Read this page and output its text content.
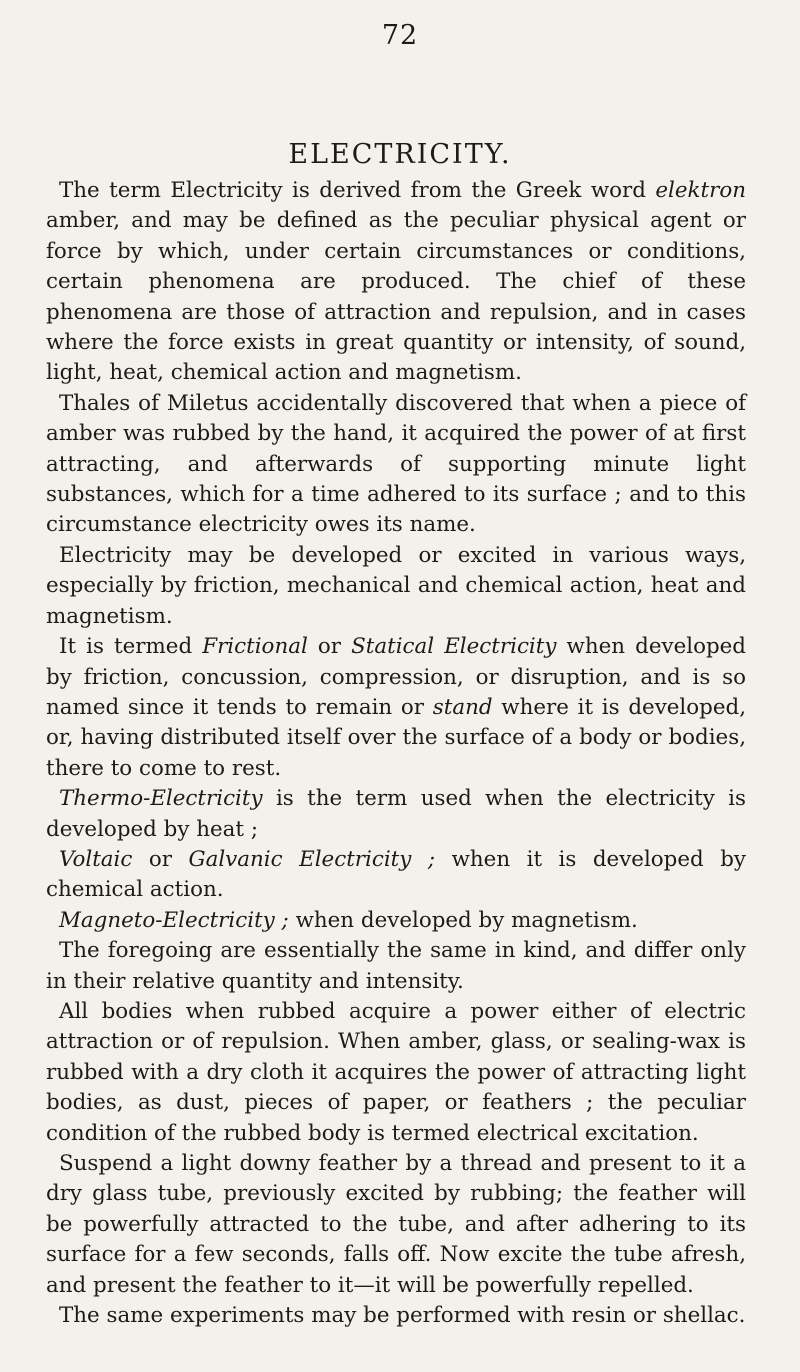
72
ELECTRICITY.

The term Electricity is derived from the Greek word elektron amber, and may be defined as the peculiar physical agent or force by which, under certain circumstances or conditions, certain phenomena are produced. The chief of these phenomena are those of attraction and repulsion, and in cases where the force exists in great quantity or intensity, of sound, light, heat, chemical action and magnetism.

Thales of Miletus accidentally discovered that when a piece of amber was rubbed by the hand, it acquired the power of at first attracting, and afterwards of supporting minute light substances, which for a time adhered to its surface ; and to this circumstance electricity owes its name.

Electricity may be developed or excited in various ways, especially by friction, mechanical and chemical action, heat and magnetism.

It is termed Frictional or Statical Electricity when developed by friction, concussion, compression, or disruption, and is so named since it tends to remain or stand where it is developed, or, having distributed itself over the surface of a body or bodies, there to come to rest.

Thermo-Electricity is the term used when the electricity is developed by heat ;

Voltaic or Galvanic Electricity ; when it is developed by chemical action.

Magneto-Electricity ; when developed by magnetism.

The foregoing are essentially the same in kind, and differ only in their relative quantity and intensity.

All bodies when rubbed acquire a power either of electric attraction or of repulsion. When amber, glass, or sealing-wax is rubbed with a dry cloth it acquires the power of attracting light bodies, as dust, pieces of paper, or feathers ; the peculiar condition of the rubbed body is termed electrical excitation.

Suspend a light downy feather by a thread and present to it a dry glass tube, previously excited by rubbing; the feather will be powerfully attracted to the tube, and after adhering to its surface for a few seconds, falls off. Now excite the tube afresh, and present the feather to it—it will be powerfully repelled.

The same experiments may be performed with resin or shellac.
